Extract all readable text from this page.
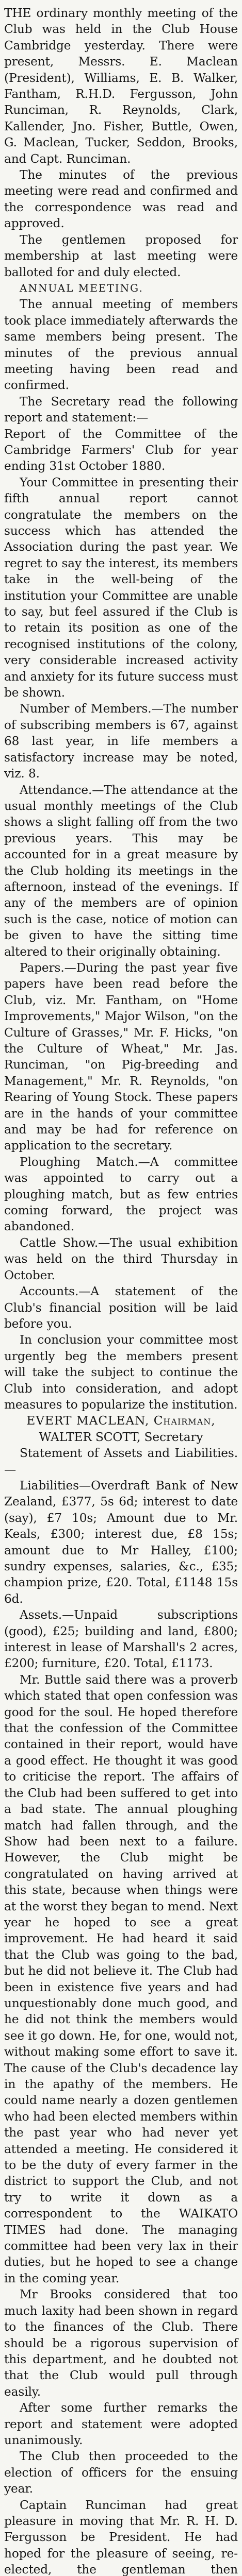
THE ordinary monthly meeting of the Club was held in the Club House Cambridge yesterday. There were present, Messrs. E. Maclean (President), Williams, E. B. Walker, Fantham, R.H.D. Fergusson, John Runciman, R. Reynolds, Clark, Kallender, Jno. Fisher, Buttle, Owen, G. Maclean, Tucker, Seddon, Brooks, and Capt. Runciman.

The minutes of the previous meeting were read and confirmed and the correspondence was read and approved.

The gentlemen proposed for membership at last meeting were balloted for and duly elected.

ANNUAL MEETING.

The annual meeting of members took place immediately afterwards the same members being present. The minutes of the previous annual meeting having been read and confirmed.

The Secretary read the following report and statement:—

Report of the Committee of the Cambridge Farmers' Club for year ending 31st October 1880.

Your Committee in presenting their fifth annual report cannot congratulate the members on the success which has attended the Association during the past year. We regret to say the interest, its members take in the well-being of the institution your Committee are unable to say, but feel assured if the Club is to retain its position as one of the recognised institutions of the colony, very considerable increased activity and anxiety for its future success must be shown.

Number of Members.—The number of subscribing members is 67, against 68 last year, in life members a satisfactory increase may be noted, viz. 8.

Attendance.—The attendance at the usual monthly meetings of the Club shows a slight falling off from the two previous years. This may be accounted for in a great measure by the Club holding its meetings in the afternoon, instead of the evenings. If any of the members are of opinion such is the case, notice of motion can be given to have the sitting time altered to their originally obtaining.

Papers.—During the past year five papers have been read before the Club, viz. Mr. Fantham, on "Home Improvements," Major Wilson, "on the Culture of Grasses," Mr. F. Hicks, "on the Culture of Wheat," Mr. Jas. Runciman, "on Pig-breeding and Management," Mr. R. Reynolds, "on Rearing of Young Stock. These papers are in the hands of your committee and may be had for reference on application to the secretary.

Ploughing Match.—A committee was appointed to carry out a ploughing match, but as few entries coming forward, the project was abandoned.

Cattle Show.—The usual exhibition was held on the third Thursday in October.

Accounts.—A statement of the Club's financial position will be laid before you.

In conclusion your committee most urgently beg the members present will take the subject to continue the Club into consideration, and adopt measures to popularize the institution.

EVERT MACLEAN, Chairman,

WALTER SCOTT, Secretary

Statement of Assets and Liabilities.—

Liabilities—Overdraft Bank of New Zealand, £377, 5s 6d; interest to date (say), £7 10s; Amount due to Mr. Keals, £300; interest due, £8 15s; amount due to Mr Halley, £100; sundry expenses, salaries, &c., £35; champion prize, £20. Total, £1148 15s 6d.

Assets.—Unpaid subscriptions (good), £25; building and land, £800; interest in lease of Marshall's 2 acres, £200; furniture, £20. Total, £1173.

Mr. Buttle said there was a proverb which stated that open confession was good for the soul. He hoped therefore that the confession of the Committee contained in their report, would have a good effect. He thought it was good to criticise the report. The affairs of the Club had been suffered to get into a bad state. The annual ploughing match had fallen through, and the Show had been next to a failure. However, the Club might be congratulated on having arrived at this state, because when things were at the worst they began to mend. Next year he hoped to see a great improvement. He had heard it said that the Club was going to the bad, but he did not believe it. The Club had been in existence five years and had unquestionably done much good, and he did not think the members would see it go down. He, for one, would not, without making some effort to save it. The cause of the Club's decadence lay in the apathy of the members. He could name nearly a dozen gentlemen who had been elected members within the past year who had never yet attended a meeting. He considered it to be the duty of every farmer in the district to support the Club, and not try to write it down as a correspondent to the WAIKATO TIMES had done. The managing committee had been very lax in their duties, but he hoped to see a change in the coming year.

Mr Brooks considered that too much laxity had been shown in regard to the finances of the Club. There should be a rigorous supervision of this department, and he doubted not that the Club would pull through easily.

After some further remarks the report and statement were adopted unanimously.

The Club then proceeded to the election of officers for the ensuing year.

Captain Runciman had great pleasure in moving that Mr. R. H. D. Fergusson be President. He had hoped for the pleasure of seeing, re-elected, the gentleman then
